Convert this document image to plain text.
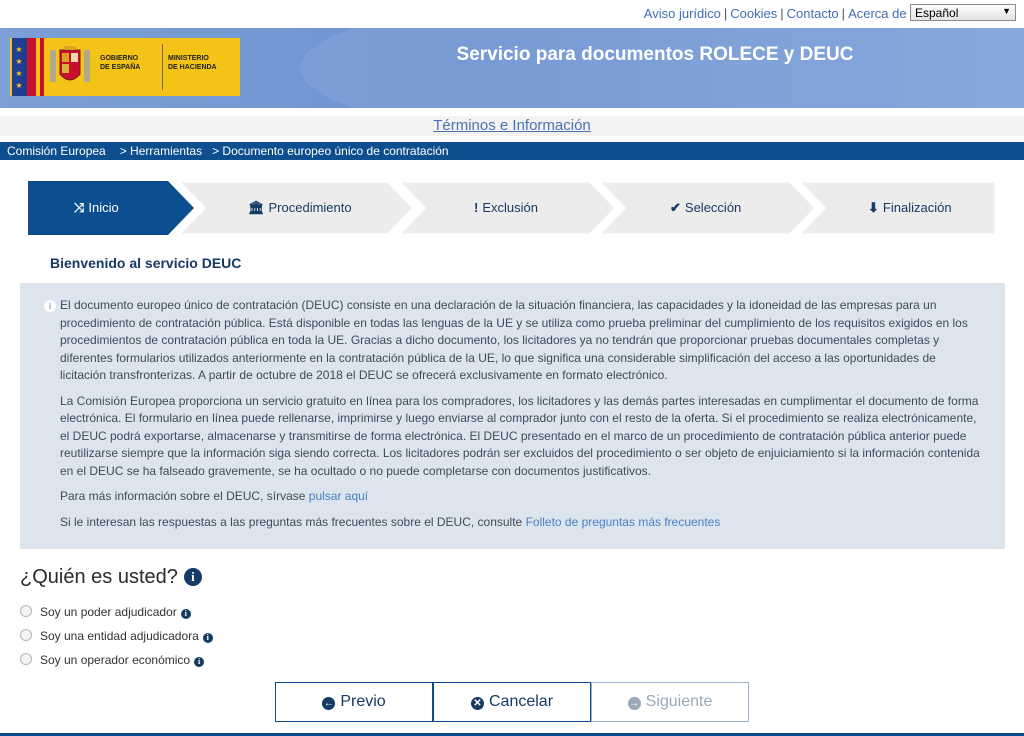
Aviso jurídico | Cookies | Contacto | Acerca de Español	▼
★
★
★
★
GOBIERNO
DE ESPAÑA
MINISTERIO
DE HACIENDA
Servicio para documentos ROLECE y DEUC
Términos e Información
Comisión Europea > Herramientas > Documento europeo único de contratación
⤨ Inicio	🏛 Procedimiento	! Exclusión	✔ Selección	⬇ Finalización
Bienvenido al servicio DEUC
i El documento europeo único de contratación (DEUC) consiste en una declaración de la situación financiera, las capacidades y la idoneidad de las empresas para un procedimiento de contratación pública. Está disponible en todas las lenguas de la UE y se utiliza como prueba preliminar del cumplimiento de los requisitos exigidos en los procedimientos de contratación pública en toda la UE. Gracias a dicho documento, los licitadores ya no tendrán que proporcionar pruebas documentales completas y diferentes formularios utilizados anteriormente en la contratación pública de la UE, lo que significa una considerable simplificación del acceso a las oportunidades de licitación transfronterizas. A partir de octubre de 2018 el DEUC se ofrecerá exclusivamente en formato electrónico.

La Comisión Europea proporciona un servicio gratuito en línea para los compradores, los licitadores y las demás partes interesadas en cumplimentar el documento de forma electrónica. El formulario en línea puede rellenarse, imprimirse y luego enviarse al comprador junto con el resto de la oferta. Si el procedimiento se realiza electrónicamente, el DEUC podrá exportarse, almacenarse y transmitirse de forma electrónica. El DEUC presentado en el marco de un procedimiento de contratación pública anterior puede reutilizarse siempre que la información siga siendo correcta. Los licitadores podrán ser excluidos del procedimiento o ser objeto de enjuiciamiento si la información contenida en el DEUC se ha falseado gravemente, se ha ocultado o no puede completarse con documentos justificativos.

Para más información sobre el DEUC, sírvase pulsar aquí

Si le interesan las respuestas a las preguntas más frecuentes sobre el DEUC, consulte Folleto de preguntas más frecuentes

¿Quién es usted? i
Soy un poder adjudicador i
Soy una entidad adjudicadora i
Soy un operador económico i
← Previo	✕ Cancelar	→ Siguiente
